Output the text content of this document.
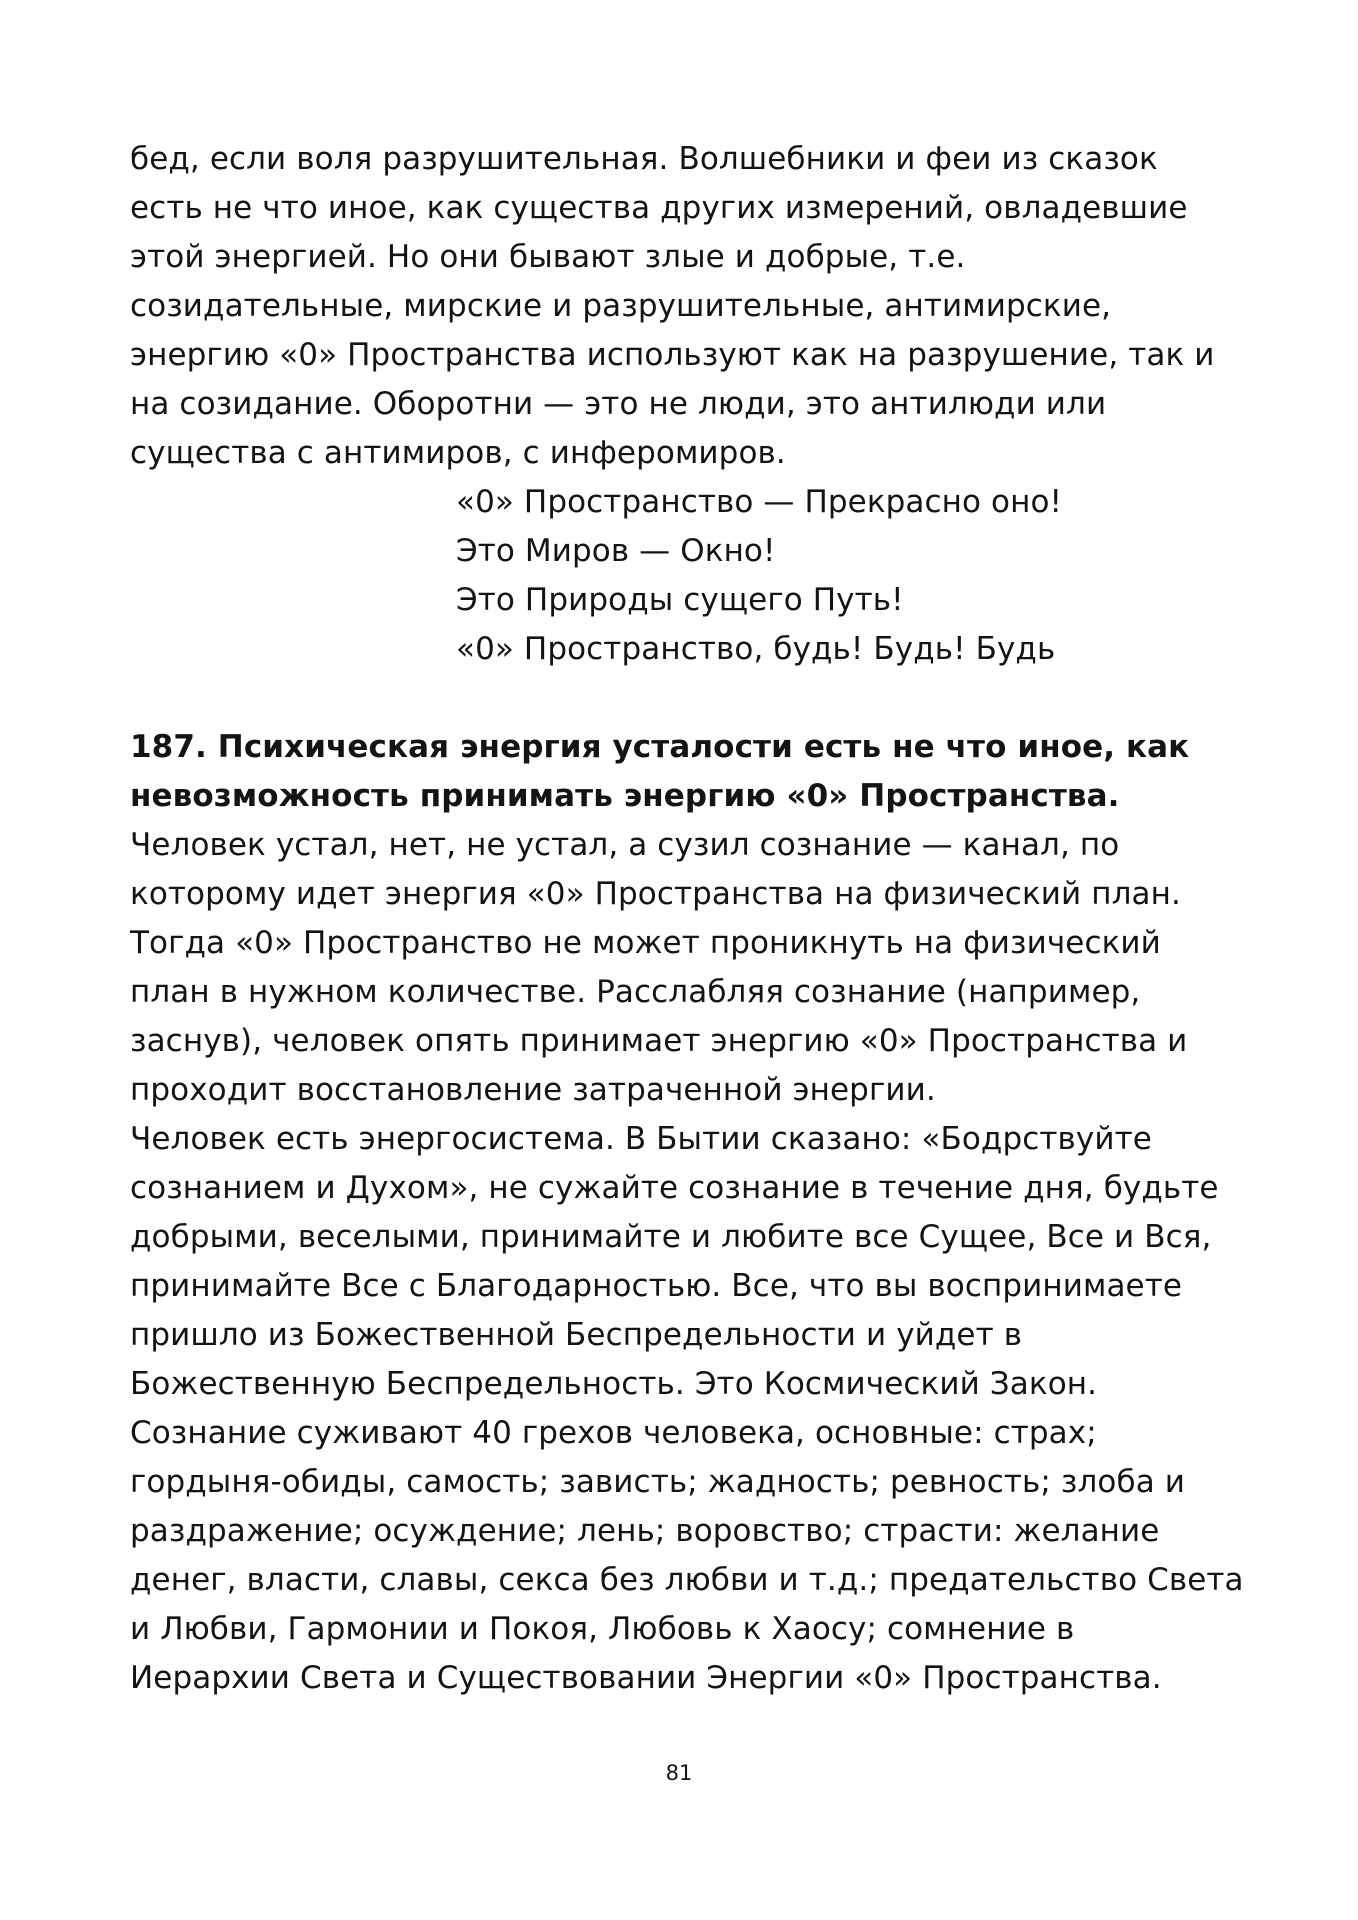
бед, если воля разрушительная. Волшебники и феи из сказок
есть не что иное, как существа других измерений, овладевшие
этой энергией. Но они бывают злые и добрые, т.е.
созидательные, мирские и разрушительные, антимирские,
энергию «0» Пространства используют как на разрушение, так и
на созидание. Оборотни — это не люди, это антилюди или
существа с антимиров, с инферомиров.
«0» Пространство — Прекрасно оно!
Это Миров — Окно!
Это Природы сущего Путь!
«0» Пространство, будь! Будь! Будь
187. Психическая энергия усталости есть не что иное, как
невозможность принимать энергию «0» Пространства.
Человек устал, нет, не устал, а сузил сознание — канал, по
которому идет энергия «0» Пространства на физический план.
Тогда «0» Пространство не может проникнуть на физический
план в нужном количестве. Расслабляя сознание (например,
заснув), человек опять принимает энергию «0» Пространства и
проходит восстановление затраченной энергии.
Человек есть энергосистема. В Бытии сказано: «Бодрствуйте
сознанием и Духом», не сужайте сознание в течение дня, будьте
добрыми, веселыми, принимайте и любите все Сущее, Все и Вся,
принимайте Все с Благодарностью. Все, что вы воспринимаете
пришло из Божественной Беспредельности и уйдет в
Божественную Беспредельность. Это Космический Закон.
Сознание суживают 40 грехов человека, основные: страх;
гордыня-обиды, самость; зависть; жадность; ревность; злоба и
раздражение; осуждение; лень; воровство; страсти: желание
денег, власти, славы, секса без любви и т.д.; предательство Света
и Любви, Гармонии и Покоя, Любовь к Хаосу; сомнение в
Иерархии Света и Существовании Энергии «0» Пространства.
81
